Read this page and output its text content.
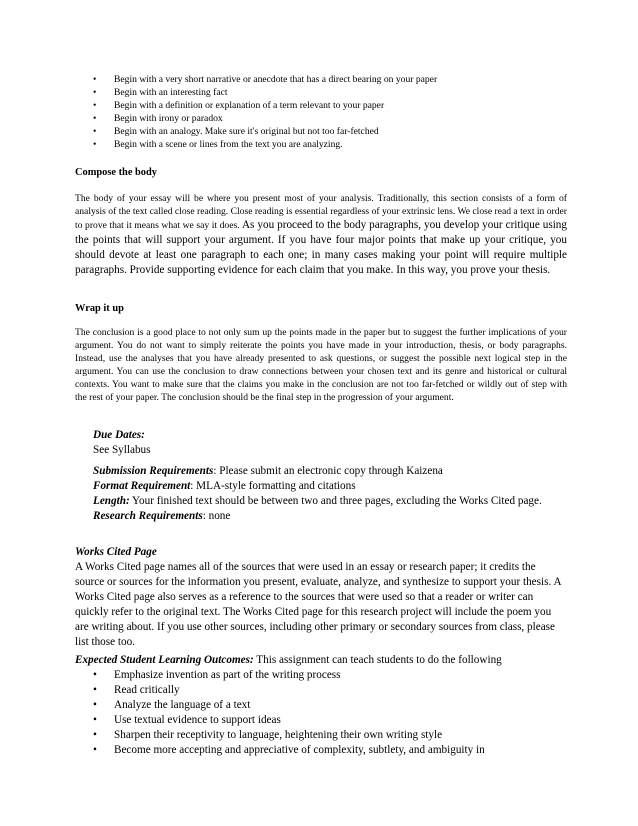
• Begin with a very short narrative or anecdote that has a direct bearing on your paper
• Begin with an interesting fact
• Begin with a definition or explanation of a term relevant to your paper
• Begin with irony or paradox
• Begin with an analogy. Make sure it's original but not too far-fetched
• Begin with a scene or lines from the text you are analyzing.
Compose the body

The body of your essay will be where you present most of your analysis. Traditionally, this section consists of a form of analysis of the text called close reading. Close reading is essential regardless of your extrinsic lens. We close read a text in order to prove that it means what we say it does. As you proceed to the body paragraphs, you develop your critique using the points that will support your argument. If you have four major points that make up your critique, you should devote at least one paragraph to each one; in many cases making your point will require multiple paragraphs. Provide supporting evidence for each claim that you make. In this way, you prove your thesis.

Wrap it up
The conclusion is a good place to not only sum up the points made in the paper but to suggest the further implications of your argument. You do not want to simply reiterate the points you have made in your introduction, thesis, or body paragraphs. Instead, use the analyses that you have already presented to ask questions, or suggest the possible next logical step in the argument. You can use the conclusion to draw connections between your chosen text and its genre and historical or cultural contexts. You want to make sure that the claims you make in the conclusion are not too far-fetched or wildly out of step with the rest of your paper. The conclusion should be the final step in the progression of your argument.
Due Dates:
See Syllabus
Submission Requirements: Please submit an electronic copy through Kaizena
Format Requirement: MLA-style formatting and citations
Length: Your finished text should be between two and three pages, excluding the Works Cited page.
Research Requirements: none
Works Cited Page

A Works Cited page names all of the sources that were used in an essay or research paper; it credits the source or sources for the information you present, evaluate, analyze, and synthesize to support your thesis. A Works Cited page also serves as a reference to the sources that were used so that a reader or writer can quickly refer to the original text. The Works Cited page for this research project will include the poem you are writing about. If you use other sources, including other primary or secondary sources from class, please list those too.

Expected Student Learning Outcomes: This assignment can teach students to do the following
• Emphasize invention as part of the writing process
• Read critically
• Analyze the language of a text
• Use textual evidence to support ideas
• Sharpen their receptivity to language, heightening their own writing style
• Become more accepting and appreciative of complexity, subtlety, and ambiguity in
